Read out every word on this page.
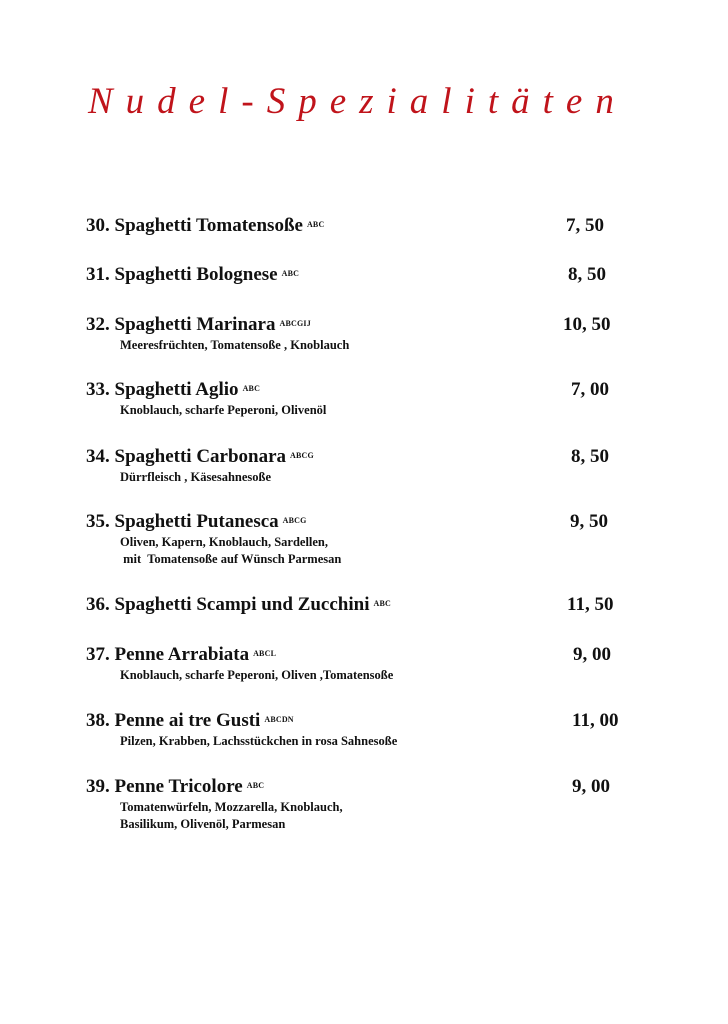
Nudel-Spezialitäten
30. Spaghetti Tomatensoße $^{ABC}$	7, 50
31. Spaghetti Bolognese $^{ABC}$	8, 50
32. Spaghetti Marinara $^{ABCGIJ}$	10, 50
Meeresfrüchten, Tomatensoße , Knoblauch
33. Spaghetti Aglio $^{ABC}$	7, 00
Knoblauch, scharfe Peperoni, Olivenöl
34. Spaghetti Carbonara $^{ABCG}$	8, 50
Dürrfleisch , Käsesahnesoße
35. Spaghetti Putanesca $^{ABCG}$	9, 50
Oliven, Kapern, Knoblauch, Sardellen,
mit  Tomatensoße auf Wünsch Parmesan
36. Spaghetti Scampi und Zucchini $^{ABC}$	11, 50
37. Penne Arrabiata $^{ABCL}$	9, 00
Knoblauch, scharfe Peperoni, Oliven ,Tomatensoße
38. Penne ai tre Gusti $^{ABCDN}$	11, 00
Pilzen, Krabben, Lachsstückchen in rosa Sahnesoße
39. Penne Tricolore $^{ABC}$	9, 00
Tomatenwürfeln, Mozzarella, Knoblauch,
Basilikum, Olivenöl, Parmesan
